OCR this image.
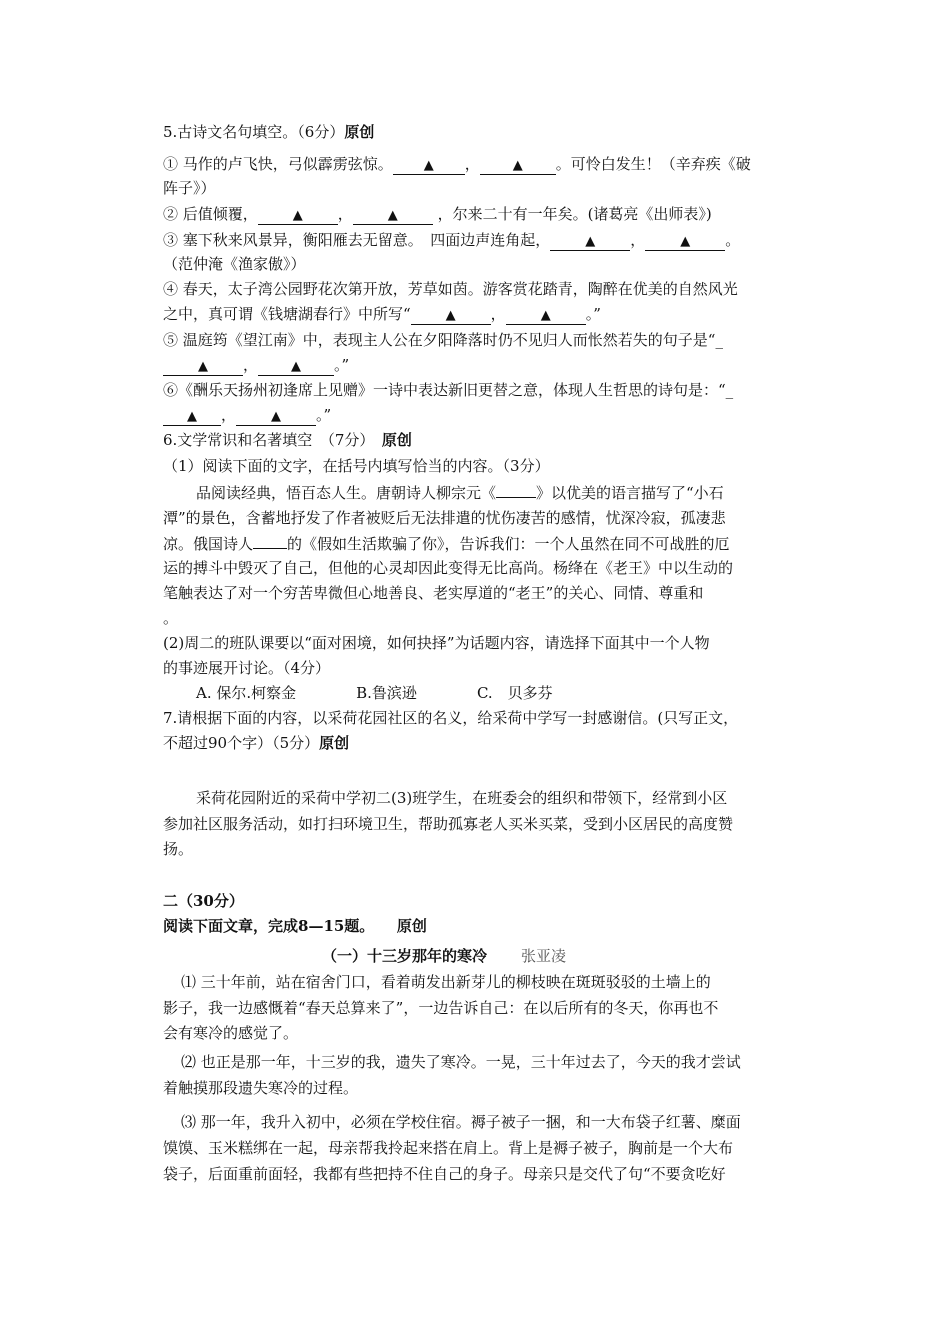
5.古诗文名句填空。（6分）原创
① 马作的卢飞快，弓似霹雳弦惊。 ▲ ，	▲ 。可怜白发生！（辛弃疾《破
阵子》）
② 后值倾覆，	▲ ，	▲ ，尔来二十有一年矣。(诸葛亮《出师表》)
③ 塞下秋来风景异，衡阳雁去无留意。　四面边声连角起，	▲ ，	▲ 。
（范仲淹《渔家傲》）
④ 春天，太子湾公园野花次第开放，芳草如茵。游客赏花踏青，陶醉在优美的自然风光
之中，真可谓《钱塘湖春行》中所写“	▲ ，	▲ 。”
⑤ 温庭筠《望江南》中，表现主人公在夕阳降落时仍不见归人而怅然若失的句子是“_
▲ ，	▲ 。”
⑥《酬乐天扬州初逢席上见赠》一诗中表达新旧更替之意，体现人生哲思的诗句是：“_
▲ ，	▲ 。”
6.文学常识和名著填空　（7分）　 原创
（1）阅读下面的文字，在括号内填写恰当的内容。（3分）
品阅读经典，悟百态人生。唐朝诗人柳宗元《	》以优美的语言描写了“小石
潭”的景色，含蓄地抒发了作者被贬后无法排遣的忧伤凄苦的感情，忧深冷寂，孤凄悲
凉。俄国诗人 的《假如生活欺骗了你》，告诉我们：一个人虽然在同不可战胜的厄
运的搏斗中毁灭了自己，但他的心灵却因此变得无比高尚。杨绛在《老王》中以生动的
笔触表达了对一个穷苦卑微但心地善良、老实厚道的“老王”的关心、同情、尊重和
。
(2)周二的班队课要以“面对困境，如何抉择”为话题内容，请选择下面其中一个人物
的事迹展开讨论。（4分）
A. 保尔.柯察金	B.鲁滨逊	C.　贝多芬
7.请根据下面的内容，以采荷花园社区的名义，给采荷中学写一封感谢信。(只写正文，
不超过90个字）（5分）原创
采荷花园附近的采荷中学初二(3)班学生，在班委会的组织和带领下，经常到小区
参加社区服务活动，如打扫环境卫生，帮助孤寡老人买米买菜，受到小区居民的高度赞
扬。
二（30分）
阅读下面文章，完成8—15题。　　 原创
（一）十三岁那年的寒冷 张亚凌
⑴ 三十年前，站在宿舍门口，看着萌发出新芽儿的柳枝映在斑斑驳驳的土墙上的
影子，我一边感慨着“春天总算来了”，一边告诉自己：在以后所有的冬天，你再也不
会有寒冷的感觉了。
⑵ 也正是那一年，十三岁的我，遗失了寒冷。一晃，三十年过去了，今天的我才尝试
着触摸那段遗失寒冷的过程。
⑶ 那一年，我升入初中，必须在学校住宿。褥子被子一捆，和一大布袋子红薯、糜面
馍馍、玉米糕绑在一起，母亲帮我拎起来搭在肩上。背上是褥子被子，胸前是一个大布
袋子，后面重前面轻，我都有些把持不住自己的身子。母亲只是交代了句“不要贪吃好
